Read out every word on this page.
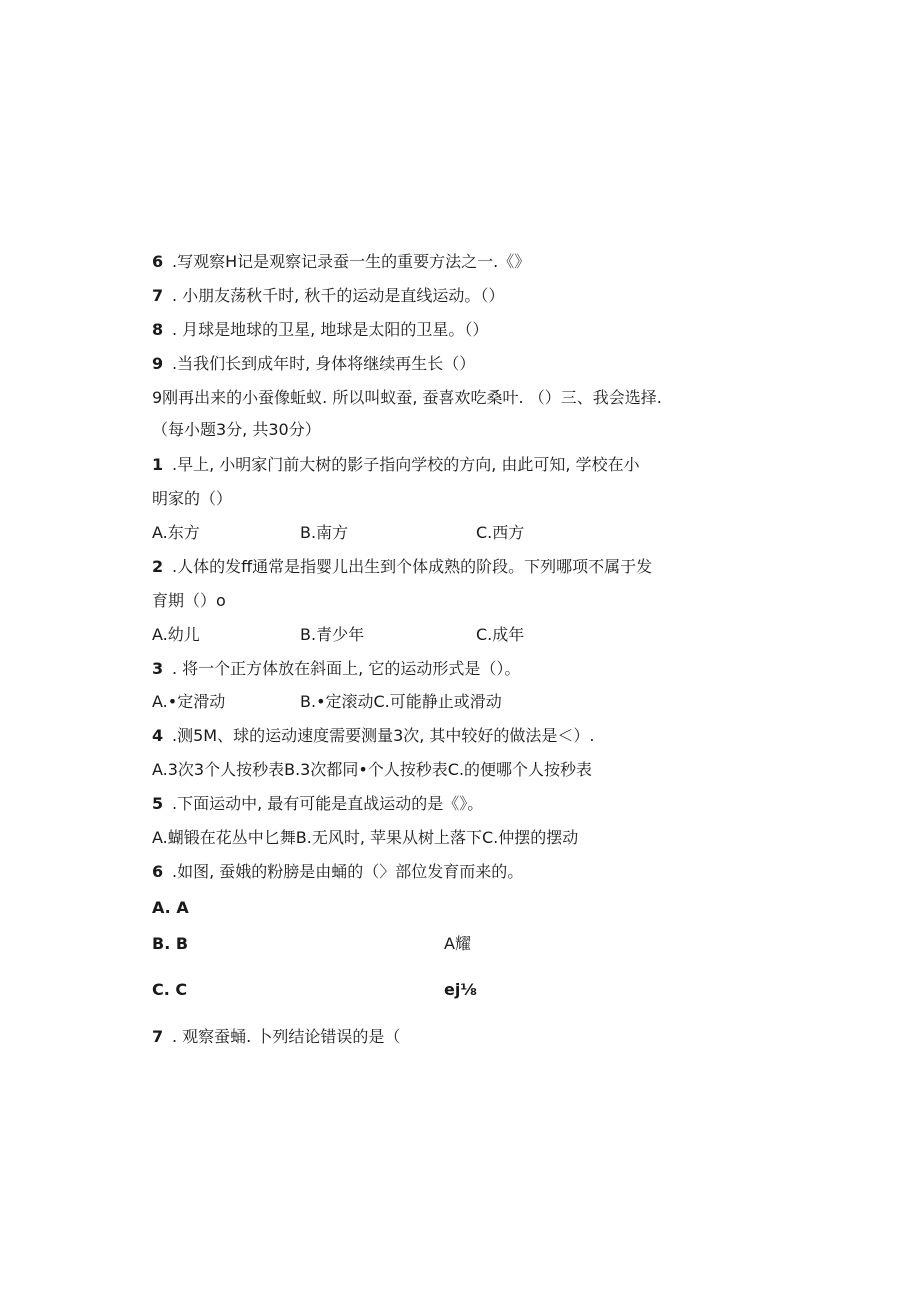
6 .写观察H记是观察记录蚕一生的重要方法之一.《》
7 . 小朋友荡秋千时, 秋千的运动是直线运动。（）
8 . 月球是地球的卫星, 地球是太阳的卫星。（）
9 .当我们长到成年时, 身体将继续再生长（）
9刚再出来的小蚕像蚯蚁. 所以叫蚁蚕, 蚕喜欢吃桑叶. （）三、我会选择.
（每小题3分, 共30分）
1 .早上, 小明家门前大树的影子指向学校的方向, 由此可知, 学校在小
明家的（）
A.东方	B.南方	C.西方
2 .人体的发ff通常是指婴儿出生到个体成熟的阶段。下列哪项不属于发
育期（）o
A.幼儿	B.青少年	C.成年
3 . 将一个正方体放在斜面上, 它的运动形式是（）。
A.•定滑动	B.•定滚动C.可能静止或滑动
4 .测5M、球的运动速度需要测量3次, 其中较好的做法是＜）.
A.3次3个人按秒表B.3次都同•个人按秒表C.的便哪个人按秒表
5 .下面运动中, 最有可能是直战运动的是《》。
A.蝴锻在花丛中匕舞B.无风时, 苹果从树上落下C.仲摆的摆动
6 .如图, 蚕娥的粉膀是由蛹的（〉部位发育而来的。
A. A
B. B
C. C
A耀
ej⅛
7 . 观察蚕蛹. 卜列结论错误的是（
